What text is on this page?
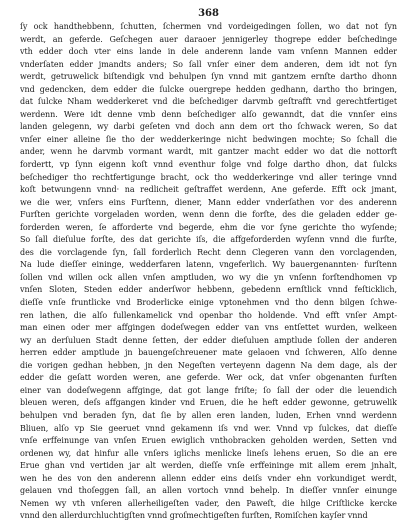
368
ſy ock handthebbenn, ſchutten, ſchermen vnd vordeigedingen ſollen, wo dat not ſyn
werdt, an geferde. Geſchegen auer daraoer jennigerley thogrepe edder beſchedinge
vth edder doch vter eins lande in dele anderenn lande vam vnſenn Mannen edder
vnderſaten edder jmandts anders; So ſall vnſer einer dem anderen, dem idt not ſyn
werdt, getruwelick biſtendigk vnd behulpen ſyn vnnd mit gantzem ernſte dartho dhonn
vnd gedencken, dem edder die ſulcke ouergrepe hedden gedhann, dartho tho bringen,
dat ſulcke Nham wedderkeret vnd die beſchediger darvmb geſtrafft vnd gerechtfertiget
werdenn. Were idt denne vmb denn beſchediger alſo gewanndt, dat die vnnſer eins
landen gelegenn, wy darbi geſeten vnd doch ann dem ort tho ſchwack weren, So dat
vnſer einer alleine ſie tho der wedderkeringe nicht bedwingen mochte; So ſchall die
ander, wenn he darvmb vormant wardt, mit gantzer macht edder wo dat die nottorft
fordertt, vp ſynn eigenn koſt vnnd eventhur folge vnd folge dartho dhon, dat ſulcks
beſchediger tho rechtfertigunge bracht, ock tho wedderkeringe vnd aller teringe vnnd
koſt betwungenn vnnd· na redlicheit geſtraffet werdenn, Ane geferde. Efft ock jmant,
we die wer, vnſers eins Furſtenn, diener, Mann edder vnderſathen vor des anderenn
Furſten gerichte vorgeladen worden, wenn denn die forſte, des die geladen edder ge-
forderden weren, ſe afforderte vnd begerde, ehm die vor ſyne gerichte tho wyſende;
So ſall dieſulue forſte, des dat gerichte iſs, die affgeforderden wyſenn vnnd die furſte,
des die vorclagende ſyn, ſall forderlich Recht denn Clegeren vann den vorclagenden,
Na lude dieſſer eininge, wedderfaren latenn, vngeferlich. Wy bauergenannten· furſtenn
ſollen vnd willen ock allen vnſen amptluden, wo wy die yn vnſenn forſtendhomen vp
vnſen Sloten, Steden edder anderſwor hebbenn, gebedenn ernſtlick vnnd feſticklich,
dieſſe vnſe fruntlicke vnd Broderlicke einige vptonehmen vnd tho denn bilgen ſchwe-
ren lathen, die alſo fullenkamelick vnd openbar tho holdende. Vnd efft vnſer Ampt-
man einen oder mer affgingen dodeſwegen edder van vns entſettet wurden, welkeen
wy an derſuluen Stadt denne ſetten, der edder dieſuluen amptlude ſollen der anderen
herren edder amptlude jn bauengeſchreuener mate gelaoen vnd ſchweren, Alſo denne
die vorigen gedhan hebben, jn den Negeſten verteyenn dagenn Na dem dage, als der
edder die geſatt worden weren, ane geferde. Wer ock, dat vnſer obgenanten furſten
einer van dodeſwegenn affginge, dat got lange friſte; ſo ſall der oder die leuendich
bleuen weren, deſs affgangen kinder vnd Eruen, die he heft edder gewonne, getruwelik
behulpen vnd beraden ſyn, dat ſie by allen eren landen, luden, Erhen vnnd werdenn
Bliuen, alſo vp Sie geeruet vnnd gekamenn iſs vnd wer. Vnnd vp ſulckes, dat dieſſe
vnſe erffeinunge van vnſen Eruen ewiglich vnthobracken geholden werden, Setten vnd
ordenen wy, dat hinfur alle vnſers iglichs menlicke lineſs lehens eruen, So die an ere
Erue ghan vnd vertiden jar alt werden, dieſſe vnſe erffeininge mit allem erem jnhalt,
wen he des von den anderenn allenn edder eins deiſs vnder ehn vorkundiget werdt,
gelauen vnd thoſeggen ſall, an allen vortoch vnnd behelp. In dieſſer vnnſer einunge
Nemen wy vth vnſeren allerheiligeſten vader, den Paweſt, die hilge Criſtlicke kercke
vnnd den allerdurchluchtigſten vnnd groſmechtigeſten furſten, Romiſchen kayſer vnnd
